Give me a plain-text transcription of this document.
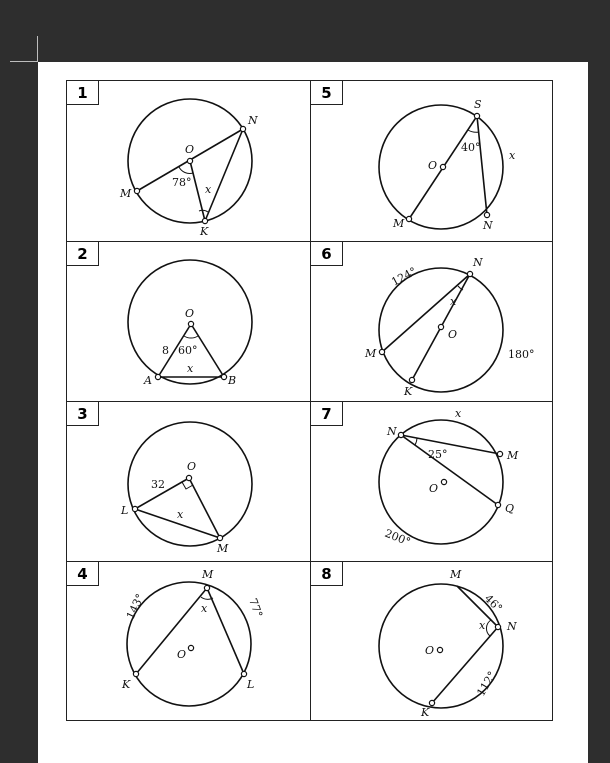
1
O
N
M
K
78°
x
5
S
O
M	N
40°
x
2
O
A	B
8 60°
x
6	N
M
K
O
124°
180°
x
3
O
L
M
32
x
7
N
M
Q
O
25°
200°
x
4	M
K	L
O
143°	77°
x
8	M
N
K
O
46°
112°
x
